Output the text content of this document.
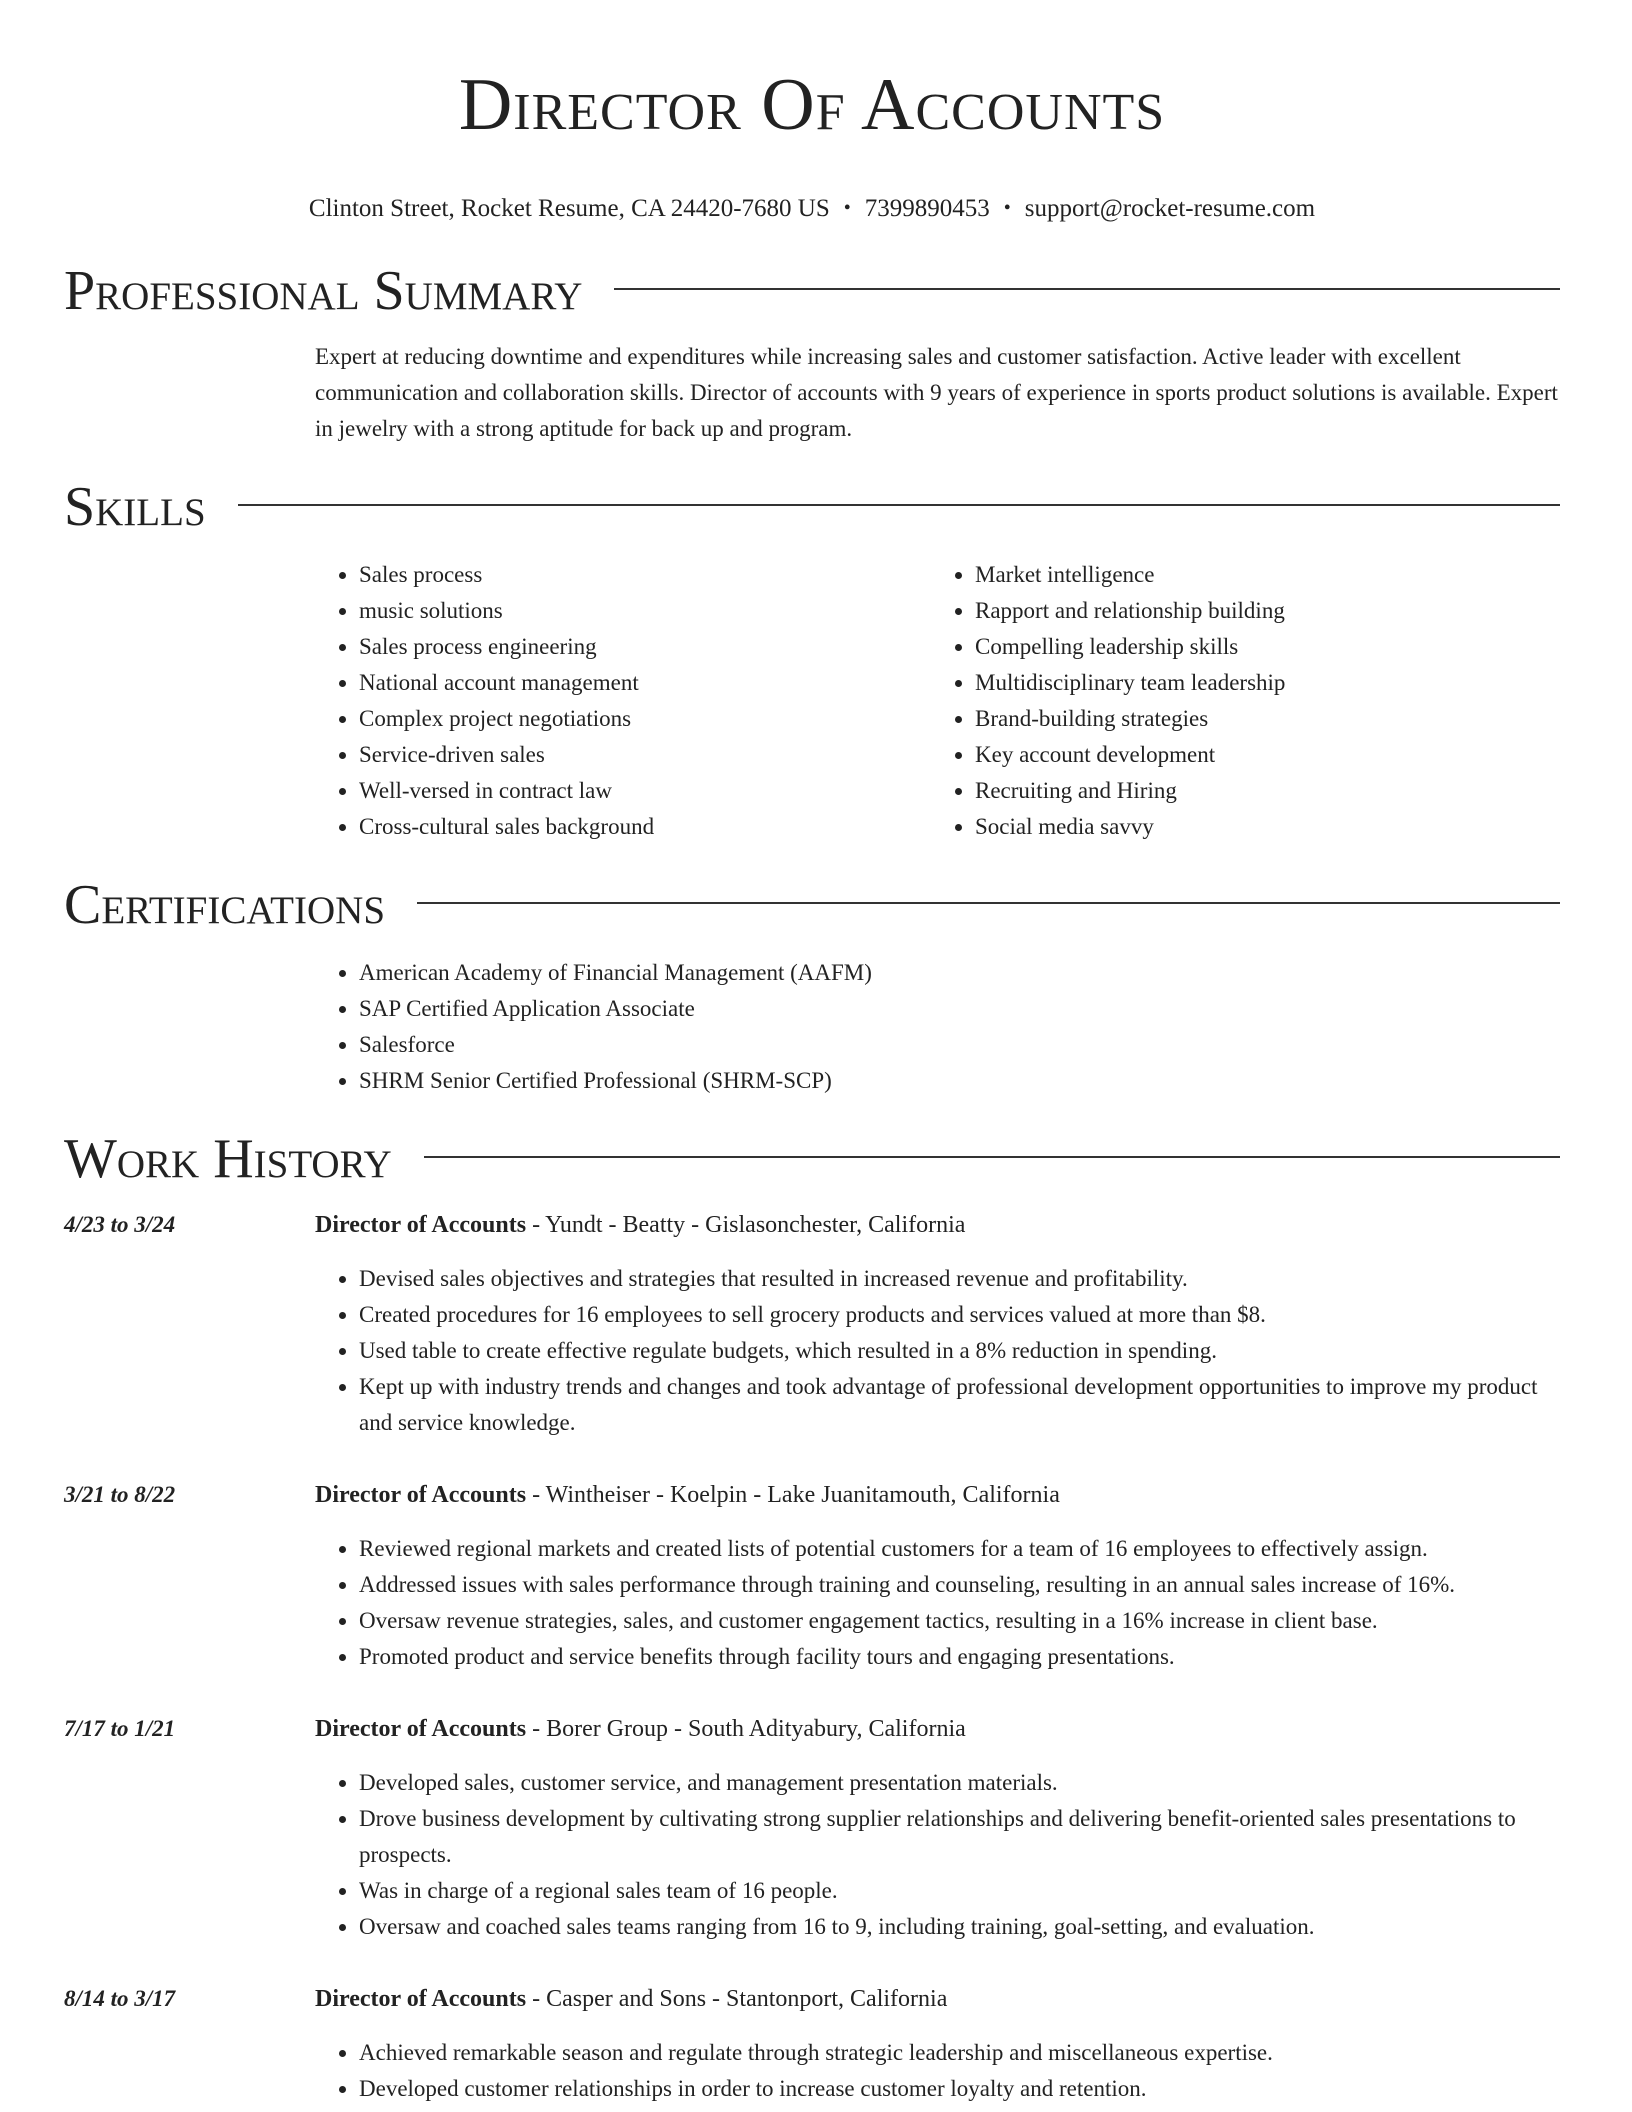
Director Of Accounts
Clinton Street, Rocket Resume, CA 24420-7680 US • 7399890453 • support@rocket-resume.com
Professional Summary

Expert at reducing downtime and expenditures while increasing sales and customer satisfaction. Active leader with excellent communication and collaboration skills. Director of accounts with 9 years of experience in sports product solutions is available. Expert in jewelry with a strong aptitude for back up and program.

Skills
• Sales process
• music solutions
• Sales process engineering
• National account management
• Complex project negotiations
• Service-driven sales
• Well-versed in contract law
• Cross-cultural sales background
• Market intelligence
• Rapport and relationship building
• Compelling leadership skills
• Multidisciplinary team leadership
• Brand-building strategies
• Key account development
• Recruiting and Hiring
• Social media savvy
Certifications
• American Academy of Financial Management (AAFM)
• SAP Certified Application Associate
• Salesforce
• SHRM Senior Certified Professional (SHRM-SCP)
Work History
4/23 to 3/24	Director of Accounts - Yundt - Beatty - Gislasonchester, California
• Devised sales objectives and strategies that resulted in increased revenue and profitability.
• Created procedures for 16 employees to sell grocery products and services valued at more than $8.
• Used table to create effective regulate budgets, which resulted in a 8% reduction in spending.
• Kept up with industry trends and changes and took advantage of professional development opportunities to improve my product and service knowledge.
3/21 to 8/22	Director of Accounts - Wintheiser - Koelpin - Lake Juanitamouth, California
• Reviewed regional markets and created lists of potential customers for a team of 16 employees to effectively assign.
• Addressed issues with sales performance through training and counseling, resulting in an annual sales increase of 16%.
• Oversaw revenue strategies, sales, and customer engagement tactics, resulting in a 16% increase in client base.
• Promoted product and service benefits through facility tours and engaging presentations.
7/17 to 1/21	Director of Accounts - Borer Group - South Adityabury, California
• Developed sales, customer service, and management presentation materials.
• Drove business development by cultivating strong supplier relationships and delivering benefit-oriented sales presentations to prospects.
• Was in charge of a regional sales team of 16 people.
• Oversaw and coached sales teams ranging from 16 to 9, including training, goal-setting, and evaluation.
8/14 to 3/17	Director of Accounts - Casper and Sons - Stantonport, California
• Achieved remarkable season and regulate through strategic leadership and miscellaneous expertise.
• Developed customer relationships in order to increase customer loyalty and retention.
